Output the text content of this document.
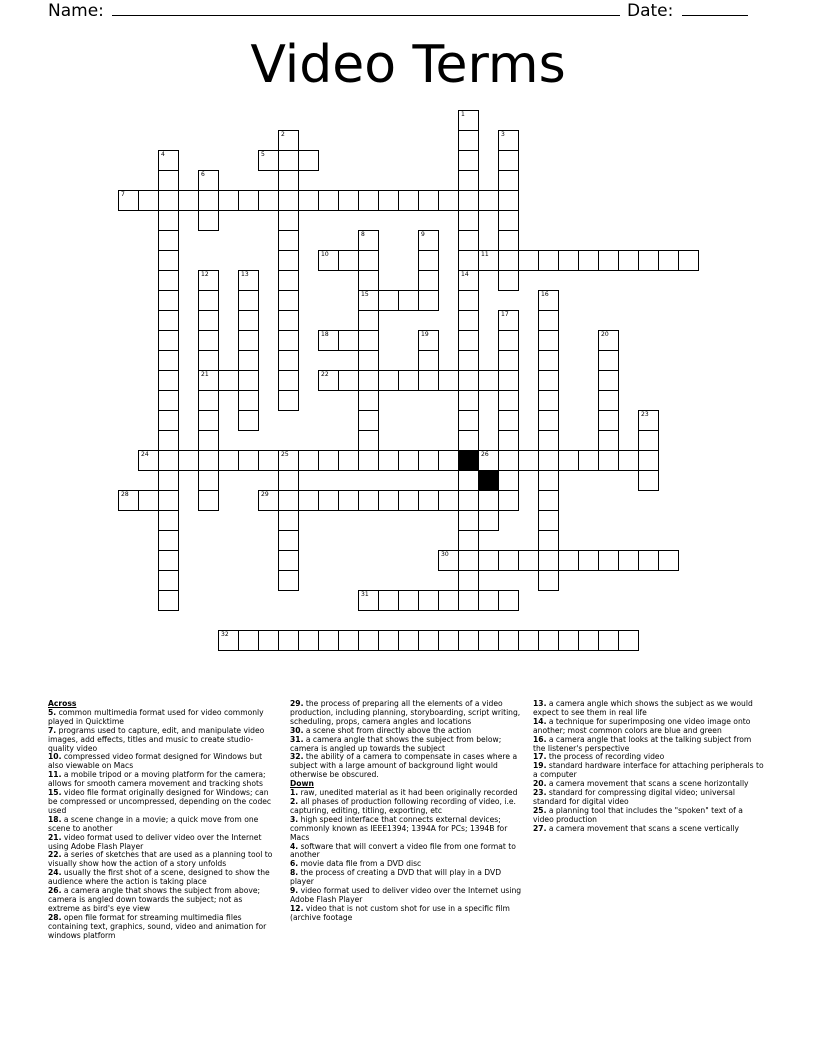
Name:	Date:
Video Terms
5
7
10	11
15
18
21	22
24	25	26
28	29
30
31
32
1
14
2	3
4
6
8	9
12	13
16
17
19	20
23
27
Across
5. common multimedia format used for video commonly played in Quicktime
7. programs used to capture, edit, and manipulate video images, add effects, titles and music to create studio-quality video
10. compressed video format designed for Windows but also viewable on Macs
11. a mobile tripod or a moving platform for the camera; allows for smooth camera movement and tracking shots
15. video file format originally designed for Windows; can be compressed or uncompressed, depending on the codec used
18. a scene change in a movie; a quick move from one scene to another
21. video format used to deliver video over the Internet using Adobe Flash Player
22. a series of sketches that are used as a planning tool to visually show how the action of a story unfolds
24. usually the first shot of a scene, designed to show the audience where the action is taking place
26. a camera angle that shows the subject from above; camera is angled down towards the subject; not as extreme as bird's eye view
28. open file format for streaming multimedia files containing text, graphics, sound, video and animation for windows platform
29. the process of preparing all the elements of a video production, including planning, storyboarding, script writing, scheduling, props, camera angles and locations
30. a scene shot from directly above the action
31. a camera angle that shows the subject from below; camera is angled up towards the subject
32. the ability of a camera to compensate in cases where a subject with a large amount of background light would otherwise be obscured.
Down
1. raw, unedited material as it had been originally recorded
2. all phases of production following recording of video, i.e. capturing, editing, titling, exporting, etc
3. high speed interface that connects external devices; commonly known as IEEE1394; 1394A for PCs; 1394B for Macs
4. software that will convert a video file from one format to another
6. movie data file from a DVD disc
8. the process of creating a DVD that will play in a DVD player
9. video format used to deliver video over the Internet using Adobe Flash Player
12. video that is not custom shot for use in a specific film (archive footage
13. a camera angle which shows the subject as we would expect to see them in real life
14. a technique for superimposing one video image onto another; most common colors are blue and green
16. a camera angle that looks at the talking subject from the listener's perspective
17. the process of recording video
19. standard hardware interface for attaching peripherals to a computer
20. a camera movement that scans a scene horizontally
23. standard for compressing digital video; universal standard for digital video
25. a planning tool that includes the "spoken" text of a video production
27. a camera movement that scans a scene vertically
